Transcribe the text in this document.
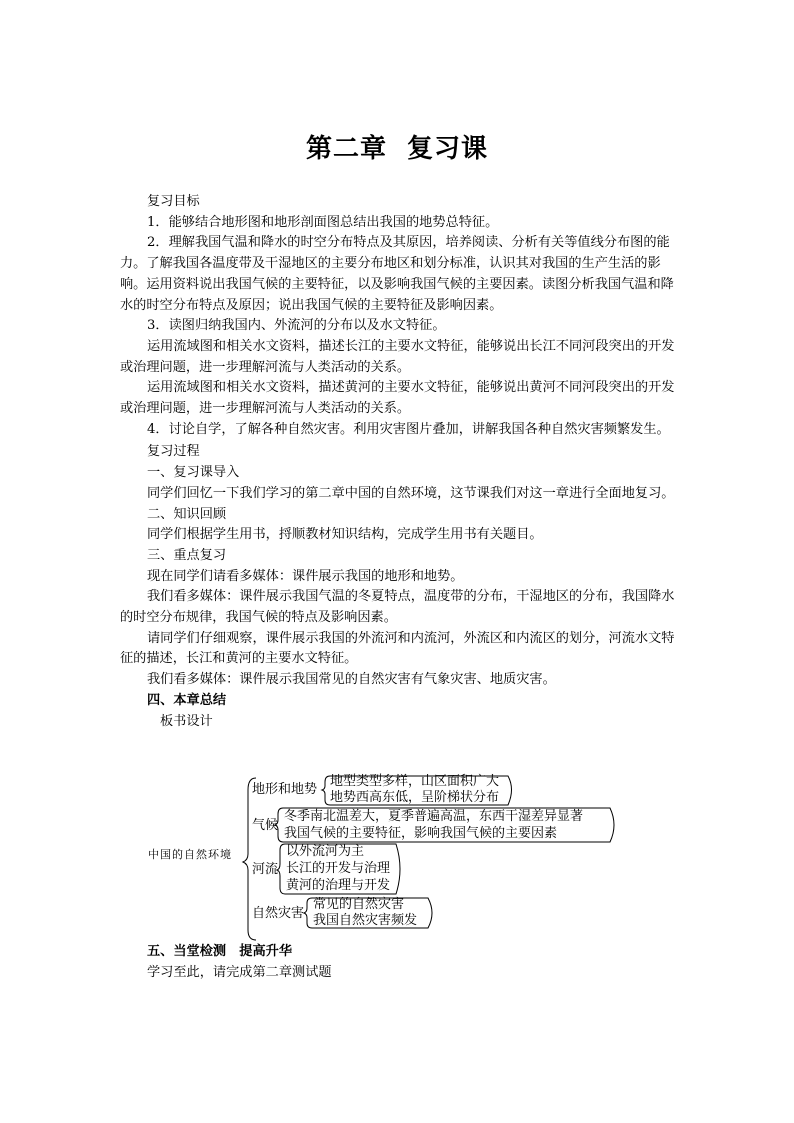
第二章 复习课

复习目标

1．能够结合地形图和地形剖面图总结出我国的地势总特征。

2．理解我国气温和降水的时空分布特点及其原因，培养阅读、分析有关等值线分布图的能力。了解我国各温度带及干湿地区的主要分布地区和划分标准，认识其对我国的生产生活的影响。运用资料说出我国气候的主要特征，以及影响我国气候的主要因素。读图分析我国气温和降水的时空分布特点及原因；说出我国气候的主要特征及影响因素。

3．读图归纳我国内、外流河的分布以及水文特征。

运用流域图和相关水文资料，描述长江的主要水文特征，能够说出长江不同河段突出的开发或治理问题，进一步理解河流与人类活动的关系。

运用流域图和相关水文资料，描述黄河的主要水文特征，能够说出黄河不同河段突出的开发或治理问题，进一步理解河流与人类活动的关系。

4．讨论自学，了解各种自然灾害。利用灾害图片叠加，讲解我国各种自然灾害频繁发生。

复习过程

一、复习课导入

同学们回忆一下我们学习的第二章中国的自然环境，这节课我们对这一章进行全面地复习。

二、知识回顾

同学们根据学生用书，捋顺教材知识结构，完成学生用书有关题目。

三、重点复习

现在同学们请看多媒体：课件展示我国的地形和地势。

我们看多媒体：课件展示我国气温的冬夏特点，温度带的分布，干湿地区的分布，我国降水的时空分布规律，我国气候的特点及影响因素。

请同学们仔细观察，课件展示我国的外流河和内流河，外流区和内流区的划分，河流水文特征的描述，长江和黄河的主要水文特征。

我们看多媒体：课件展示我国常见的自然灾害有气象灾害、地质灾害。

四、本章总结

板书设计

中国的自然环境
地形和地势
地型类型多样，山区面积广大
地势西高东低，呈阶梯状分布
气候
冬季南北温差大，夏季普遍高温，东西干湿差异显著
我国气候的主要特征，影响我国气候的主要因素
河流
以外流河为主
长江的开发与治理
黄河的治理与开发
自然灾害
常见的自然灾害
我国自然灾害频发

五、当堂检测　提高升华

学习至此，请完成第二章测试题
